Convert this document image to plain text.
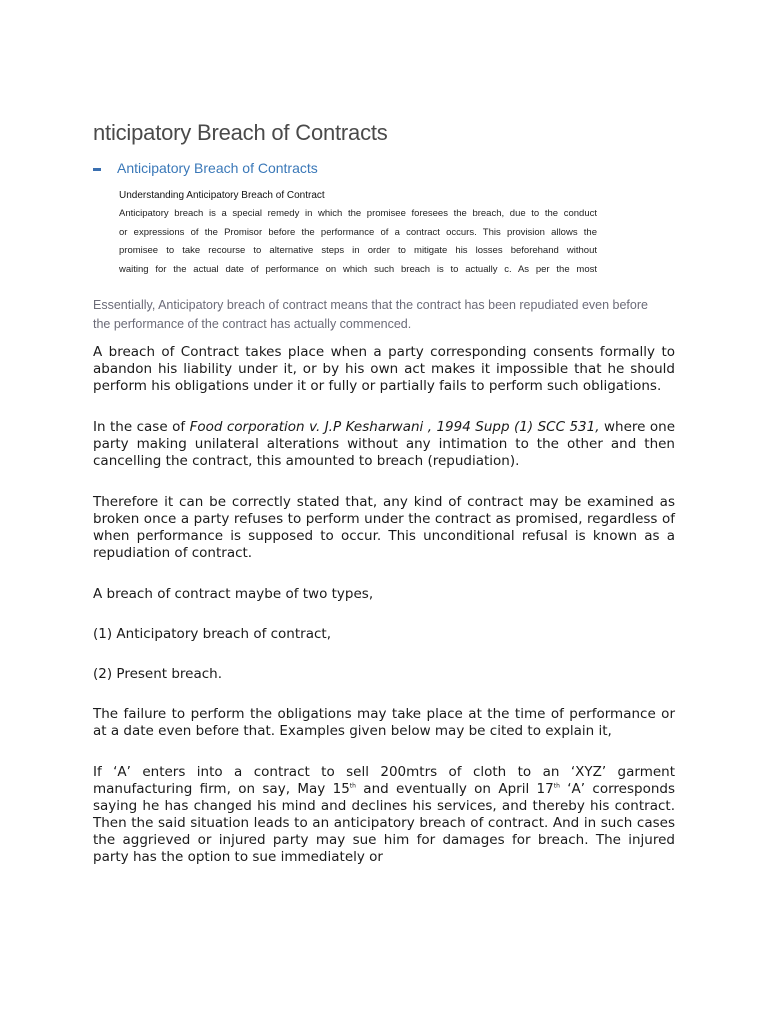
nticipatory Breach of Contracts
Anticipatory Breach of Contracts

Understanding Anticipatory Breach of Contract

Anticipatory breach is a special remedy in which the promisee foresees the breach, due to the conduct
or expressions of the Promisor before the performance of a contract occurs. This provision allows the
promisee to take recourse to alternative steps in order to mitigate his losses beforehand without
waiting for the actual date of performance on which such breach is to actually c. As per the most

Essentially, Anticipatory breach of contract means that the contract has been repudiated even before the performance of the contract has actually commenced.

A breach of Contract takes place when a party corresponding consents formally to abandon his liability under it, or by his own act makes it impossible that he should perform his obligations under it or fully or partially fails to perform such obligations.

In the case of Food corporation v. J.P Kesharwani , 1994 Supp (1) SCC 531, where one party making unilateral alterations without any intimation to the other and then cancelling the contract, this amounted to breach (repudiation).

Therefore it can be correctly stated that, any kind of contract may be examined as broken once a party refuses to perform under the contract as promised, regardless of when performance is supposed to occur. This unconditional refusal is known as a repudiation of contract.

A breach of contract maybe of two types,

(1) Anticipatory breach of contract,

(2) Present breach.

The failure to perform the obligations may take place at the time of performance or at a date even before that. Examples given below may be cited to explain it,

If ‘A’ enters into a contract to sell 200mtrs of cloth to an ‘XYZ’ garment manufacturing firm, on say, May 15th and eventually on April 17th ‘A’ corresponds saying he has changed his mind and declines his services, and thereby his contract. Then the said situation leads to an anticipatory breach of contract. And in such cases the aggrieved or injured party may sue him for damages for breach. The injured party has the option to sue immediately or
